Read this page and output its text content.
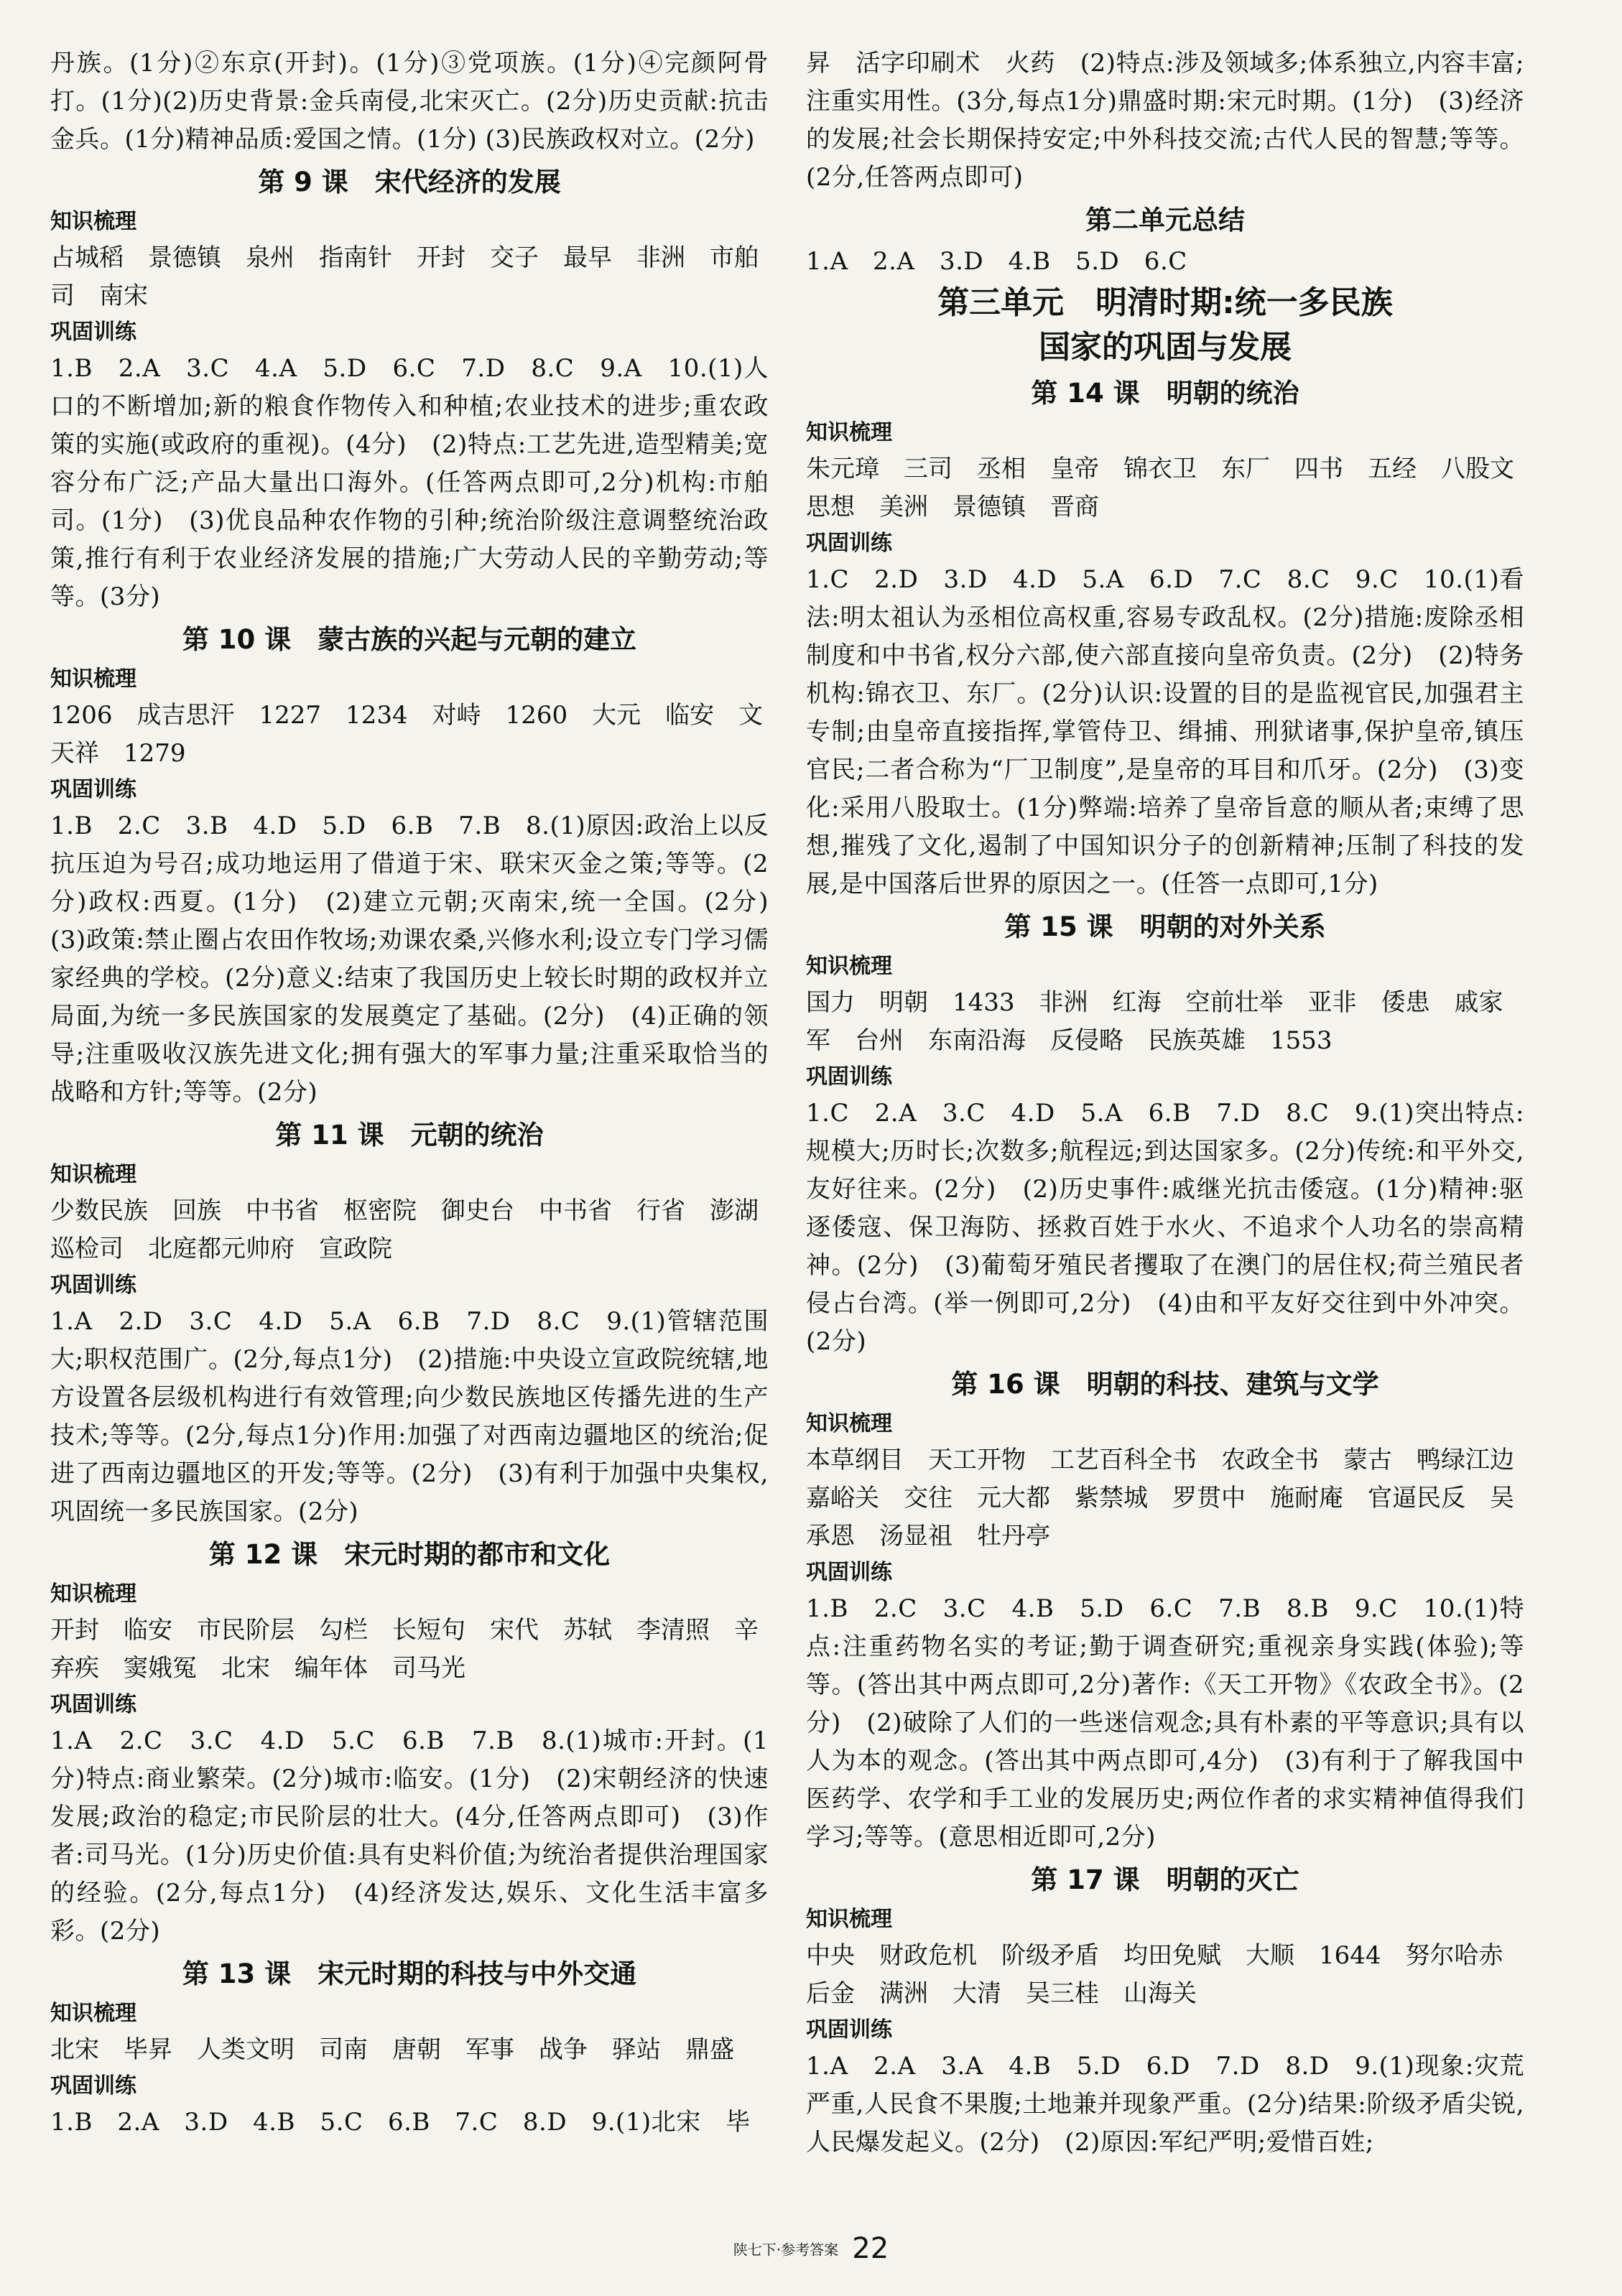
丹族。(1分)②东京(开封)。(1分)③党项族。(1分)④完颜阿骨打。(1分)(2)历史背景:金兵南侵,北宋灭亡。(2分)历史贡献:抗击金兵。(1分)精神品质:爱国之情。(1分) (3)民族政权对立。(2分)
第 9 课　宋代经济的发展
知识梳理
占城稻　景德镇　泉州　指南针　开封　交子　最早　非洲　市舶司　南宋
巩固训练
1.B　2.A　3.C　4.A　5.D　6.C　7.D　8.C　9.A　10.(1)人口的不断增加;新的粮食作物传入和种植;农业技术的进步;重农政策的实施(或政府的重视)。(4分)　(2)特点:工艺先进,造型精美;宽容分布广泛;产品大量出口海外。(任答两点即可,2分)机构:市舶司。(1分)　(3)优良品种农作物的引种;统治阶级注意调整统治政策,推行有利于农业经济发展的措施;广大劳动人民的辛勤劳动;等等。(3分)
第 10 课　蒙古族的兴起与元朝的建立
知识梳理
1206　成吉思汗　1227　1234　对峙　1260　大元　临安　文天祥　1279
巩固训练
1.B　2.C　3.B　4.D　5.D　6.B　7.B　8.(1)原因:政治上以反抗压迫为号召;成功地运用了借道于宋、联宋灭金之策;等等。(2分)政权:西夏。(1分)　(2)建立元朝;灭南宋,统一全国。(2分)　(3)政策:禁止圈占农田作牧场;劝课农桑,兴修水利;设立专门学习儒家经典的学校。(2分)意义:结束了我国历史上较长时期的政权并立局面,为统一多民族国家的发展奠定了基础。(2分)　(4)正确的领导;注重吸收汉族先进文化;拥有强大的军事力量;注重采取恰当的战略和方针;等等。(2分)
第 11 课　元朝的统治
知识梳理
少数民族　回族　中书省　枢密院　御史台　中书省　行省　澎湖巡检司　北庭都元帅府　宣政院
巩固训练
1.A　2.D　3.C　4.D　5.A　6.B　7.D　8.C　9.(1)管辖范围大;职权范围广。(2分,每点1分)　(2)措施:中央设立宣政院统辖,地方设置各层级机构进行有效管理;向少数民族地区传播先进的生产技术;等等。(2分,每点1分)作用:加强了对西南边疆地区的统治;促进了西南边疆地区的开发;等等。(2分)　(3)有利于加强中央集权,巩固统一多民族国家。(2分)
第 12 课　宋元时期的都市和文化
知识梳理
开封　临安　市民阶层　勾栏　长短句　宋代　苏轼　李清照　辛弃疾　窦娥冤　北宋　编年体　司马光
巩固训练
1.A　2.C　3.C　4.D　5.C　6.B　7.B　8.(1)城市:开封。(1分)特点:商业繁荣。(2分)城市:临安。(1分)　(2)宋朝经济的快速发展;政治的稳定;市民阶层的壮大。(4分,任答两点即可)　(3)作者:司马光。(1分)历史价值:具有史料价值;为统治者提供治理国家的经验。(2分,每点1分)　(4)经济发达,娱乐、文化生活丰富多彩。(2分)
第 13 课　宋元时期的科技与中外交通
知识梳理
北宋　毕昇　人类文明　司南　唐朝　军事　战争　驿站　鼎盛
巩固训练
1.B　2.A　3.D　4.B　5.C　6.B　7.C　8.D　9.(1)北宋　毕
昇　活字印刷术　火药　(2)特点:涉及领域多;体系独立,内容丰富;注重实用性。(3分,每点1分)鼎盛时期:宋元时期。(1分)　(3)经济的发展;社会长期保持安定;中外科技交流;古代人民的智慧;等等。(2分,任答两点即可)
第二单元总结
1.A　2.A　3.D　4.B　5.D　6.C
第三单元　明清时期:统一多民族
国家的巩固与发展
第 14 课　明朝的统治
知识梳理
朱元璋　三司　丞相　皇帝　锦衣卫　东厂　四书　五经　八股文　思想　美洲　景德镇　晋商
巩固训练
1.C　2.D　3.D　4.D　5.A　6.D　7.C　8.C　9.C　10.(1)看法:明太祖认为丞相位高权重,容易专政乱权。(2分)措施:废除丞相制度和中书省,权分六部,使六部直接向皇帝负责。(2分)　(2)特务机构:锦衣卫、东厂。(2分)认识:设置的目的是监视官民,加强君主专制;由皇帝直接指挥,掌管侍卫、缉捕、刑狱诸事,保护皇帝,镇压官民;二者合称为“厂卫制度”,是皇帝的耳目和爪牙。(2分)　(3)变化:采用八股取士。(1分)弊端:培养了皇帝旨意的顺从者;束缚了思想,摧残了文化,遏制了中国知识分子的创新精神;压制了科技的发展,是中国落后世界的原因之一。(任答一点即可,1分)
第 15 课　明朝的对外关系
知识梳理
国力　明朝　1433　非洲　红海　空前壮举　亚非　倭患　戚家军　台州　东南沿海　反侵略　民族英雄　1553
巩固训练
1.C　2.A　3.C　4.D　5.A　6.B　7.D　8.C　9.(1)突出特点:规模大;历时长;次数多;航程远;到达国家多。(2分)传统:和平外交,友好往来。(2分)　(2)历史事件:戚继光抗击倭寇。(1分)精神:驱逐倭寇、保卫海防、拯救百姓于水火、不追求个人功名的崇高精神。(2分)　(3)葡萄牙殖民者攫取了在澳门的居住权;荷兰殖民者侵占台湾。(举一例即可,2分)　(4)由和平友好交往到中外冲突。(2分)
第 16 课　明朝的科技、建筑与文学
知识梳理
本草纲目　天工开物　工艺百科全书　农政全书　蒙古　鸭绿江边　嘉峪关　交往　元大都　紫禁城　罗贯中　施耐庵　官逼民反　吴承恩　汤显祖　牡丹亭
巩固训练
1.B　2.C　3.C　4.B　5.D　6.C　7.B　8.B　9.C　10.(1)特点:注重药物名实的考证;勤于调查研究;重视亲身实践(体验);等等。(答出其中两点即可,2分)著作:《天工开物》《农政全书》。(2分)　(2)破除了人们的一些迷信观念;具有朴素的平等意识;具有以人为本的观念。(答出其中两点即可,4分)　(3)有利于了解我国中医药学、农学和手工业的发展历史;两位作者的求实精神值得我们学习;等等。(意思相近即可,2分)
第 17 课　明朝的灭亡
知识梳理
中央　财政危机　阶级矛盾　均田免赋　大顺　1644　努尔哈赤　后金　满洲　大清　吴三桂　山海关
巩固训练
1.A　2.A　3.A　4.B　5.D　6.D　7.D　8.D　9.(1)现象:灾荒严重,人民食不果腹;土地兼并现象严重。(2分)结果:阶级矛盾尖锐,人民爆发起义。(2分)　(2)原因:军纪严明;爱惜百姓;
陕七下·参考答案 22
